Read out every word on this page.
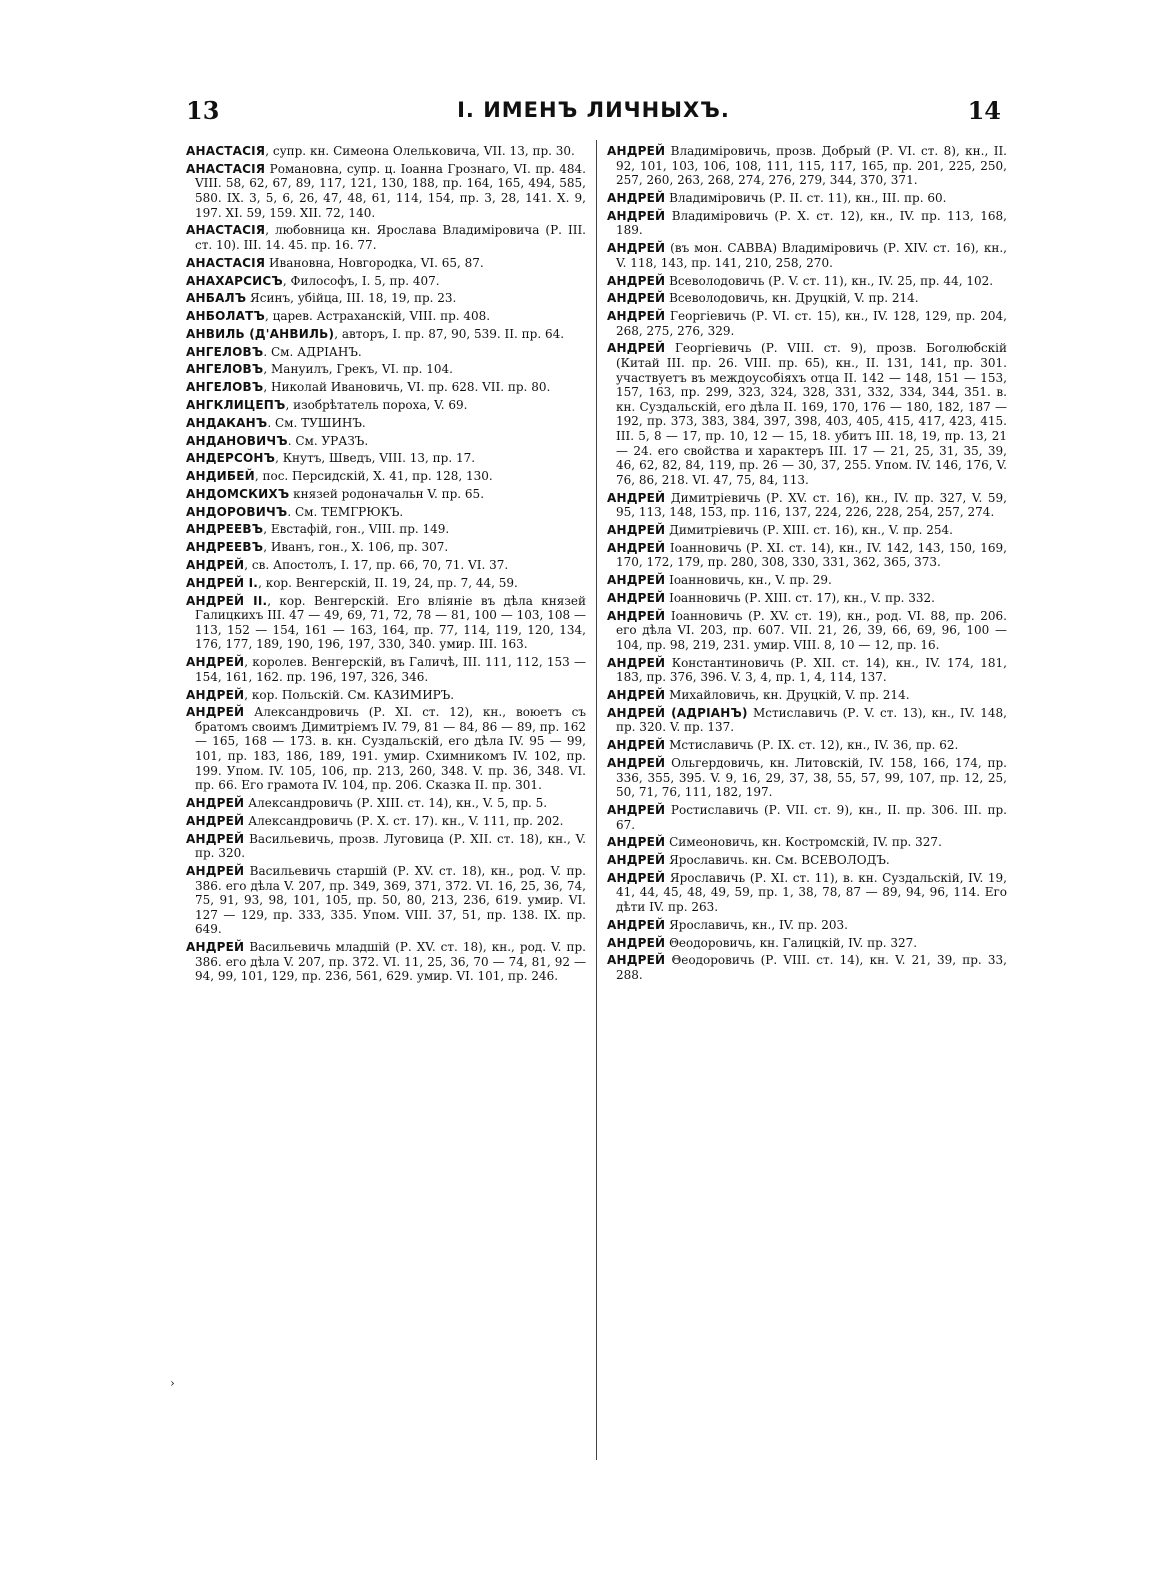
13	I. ИМЕНЪ ЛИЧНЫХЪ.	14

АНАСТАСІЯ, супр. кн. Симеона Олельковича, VII. 13, пр. 30.

АНАСТАСІЯ Романовна, супр. ц. Іоанна Грознаго, VI. пр. 484. VIII. 58, 62, 67, 89, 117, 121, 130, 188, пр. 164, 165, 494, 585, 580. IX. 3, 5, 6, 26, 47, 48, 61, 114, 154, пр. 3, 28, 141. X. 9, 197. XI. 59, 159. XII. 72, 140.

АНАСТАСІЯ, любовница кн. Ярослава Владиміровича (Р. III. ст. 10). III. 14. 45. пр. 16. 77.

АНАСТАСІЯ Ивановна, Новгородка, VI. 65, 87.

АНАХАРСИСЪ, Философъ, I. 5, пр. 407.

АНБАЛЪ Ясинъ, убійца, III. 18, 19, пр. 23.

АНБОЛАТЪ, царев. Астраханскій, VIII. пр. 408.

АНВИЛЬ (Д'АНВИЛЬ), авторъ, I. пр. 87, 90, 539. II. пр. 64.

АНГЕЛОВЪ. См. АДРІАНЪ.

АНГЕЛОВЪ, Мануилъ, Грекъ, VI. пр. 104.

АНГЕЛОВЪ, Николай Ивановичь, VI. пр. 628. VII. пр. 80.

АНГКЛИЦЕПЪ, изобрѣтатель пороха, V. 69.

АНДАКАНЪ. См. ТУШИНЪ.

АНДАНОВИЧЪ. См. УРАЗЪ.

АНДЕРСОНЪ, Кнутъ, Шведъ, VIII. 13, пр. 17.

АНДИБЕЙ, пос. Персидскій, X. 41, пр. 128, 130.

АНДОМСКИХЪ князей родоначальн V. пр. 65.

АНДОРОВИЧЪ. См. ТЕМГРЮКЪ.

АНДРЕЕВЪ, Евстафій, гон., VIII. пр. 149.

АНДРЕЕВЪ, Иванъ, гон., X. 106, пр. 307.

АНДРЕЙ, св. Апостолъ, I. 17, пр. 66, 70, 71. VI. 37.

АНДРЕЙ I., кор. Венгерскій, II. 19, 24, пр. 7, 44, 59.

АНДРЕЙ II., кор. Венгерскій. Его вліяніе въ дѣла князей Галицкихъ III. 47 — 49, 69, 71, 72, 78 — 81, 100 — 103, 108 — 113, 152 — 154, 161 — 163, 164, пр. 77, 114, 119, 120, 134, 176, 177, 189, 190, 196, 197, 330, 340. умир. III. 163.

АНДРЕЙ, королев. Венгерскій, въ Галичѣ, III. 111, 112, 153 — 154, 161, 162. пр. 196, 197, 326, 346.

АНДРЕЙ, кор. Польскій. См. КАЗИМИРЪ.

АНДРЕЙ Александровичь (Р. XI. ст. 12), кн., воюетъ съ братомъ своимъ Димитріемъ IV. 79, 81 — 84, 86 — 89, пр. 162 — 165, 168 — 173. в. кн. Суздальскій, его дѣла IV. 95 — 99, 101, пр. 183, 186, 189, 191. умир. Схимникомъ IV. 102, пр. 199. Упом. IV. 105, 106, пр. 213, 260, 348. V. пр. 36, 348. VI. пр. 66. Его грамота IV. 104, пр. 206. Сказка II. пр. 301.

АНДРЕЙ Александровичь (Р. XIII. ст. 14), кн., V. 5, пр. 5.

АНДРЕЙ Александровичь (Р. X. ст. 17). кн., V. 111, пр. 202.

АНДРЕЙ Васильевичь, прозв. Луговица (Р. XII. ст. 18), кн., V. пр. 320.

АНДРЕЙ Васильевичь старшій (Р. XV. ст. 18), кн., род. V. пр. 386. его дѣла V. 207, пр. 349, 369, 371, 372. VI. 16, 25, 36, 74, 75, 91, 93, 98, 101, 105, пр. 50, 80, 213, 236, 619. умир. VI. 127 — 129, пр. 333, 335. Упом. VIII. 37, 51, пр. 138. IX. пр. 649.

АНДРЕЙ Васильевичь младшій (Р. XV. ст. 18), кн., род. V. пр. 386. его дѣла V. 207, пр. 372. VI. 11, 25, 36, 70 — 74, 81, 92 — 94, 99, 101, 129, пр. 236, 561, 629. умир. VI. 101, пр. 246.

АНДРЕЙ Владиміровичь, прозв. Добрый (Р. VI. ст. 8), кн., II. 92, 101, 103, 106, 108, 111, 115, 117, 165, пр. 201, 225, 250, 257, 260, 263, 268, 274, 276, 279, 344, 370, 371.

АНДРЕЙ Владиміровичь (Р. II. ст. 11), кн., III. пр. 60.

АНДРЕЙ Владиміровичь (Р. X. ст. 12), кн., IV. пр. 113, 168, 189.

АНДРЕЙ (въ мон. САВВА) Владиміровичь (Р. XIV. ст. 16), кн., V. 118, 143, пр. 141, 210, 258, 270.

АНДРЕЙ Всеволодовичь (Р. V. ст. 11), кн., IV. 25, пр. 44, 102.

АНДРЕЙ Всеволодовичь, кн. Друцкій, V. пр. 214.

АНДРЕЙ Георгіевичь (Р. VI. ст. 15), кн., IV. 128, 129, пр. 204, 268, 275, 276, 329.

АНДРЕЙ Георгіевичь (Р. VIII. ст. 9), прозв. Боголюбскій (Китай III. пр. 26. VIII. пр. 65), кн., II. 131, 141, пр. 301. участвуетъ въ междоусобіяхъ отца II. 142 — 148, 151 — 153, 157, 163, пр. 299, 323, 324, 328, 331, 332, 334, 344, 351. в. кн. Суздальскій, его дѣла II. 169, 170, 176 — 180, 182, 187 — 192, пр. 373, 383, 384, 397, 398, 403, 405, 415, 417, 423, 415. III. 5, 8 — 17, пр. 10, 12 — 15, 18. убитъ III. 18, 19, пр. 13, 21 — 24. его свойства и характеръ III. 17 — 21, 25, 31, 35, 39, 46, 62, 82, 84, 119, пр. 26 — 30, 37, 255. Упом. IV. 146, 176, V. 76, 86, 218. VI. 47, 75, 84, 113.

АНДРЕЙ Димитріевичь (Р. XV. ст. 16), кн., IV. пр. 327, V. 59, 95, 113, 148, 153, пр. 116, 137, 224, 226, 228, 254, 257, 274.

АНДРЕЙ Димитріевичь (Р. XIII. ст. 16), кн., V. пр. 254.

АНДРЕЙ Іоанновичь (Р. XI. ст. 14), кн., IV. 142, 143, 150, 169, 170, 172, 179, пр. 280, 308, 330, 331, 362, 365, 373.

АНДРЕЙ Іоанновичь, кн., V. пр. 29.

АНДРЕЙ Іоанновичь (Р. XIII. ст. 17), кн., V. пр. 332.

АНДРЕЙ Іоанновичь (Р. XV. ст. 19), кн., род. VI. 88, пр. 206. его дѣла VI. 203, пр. 607. VII. 21, 26, 39, 66, 69, 96, 100 — 104, пр. 98, 219, 231. умир. VIII. 8, 10 — 12, пр. 16.

АНДРЕЙ Константиновичь (Р. XII. ст. 14), кн., IV. 174, 181, 183, пр. 376, 396. V. 3, 4, пр. 1, 4, 114, 137.

АНДРЕЙ Михайловичь, кн. Друцкій, V. пр. 214.

АНДРЕЙ (АДРІАНЪ) Мстиславичь (Р. V. ст. 13), кн., IV. 148, пр. 320. V. пр. 137.

АНДРЕЙ Мстиславичь (Р. IX. ст. 12), кн., IV. 36, пр. 62.

АНДРЕЙ Ольгердовичь, кн. Литовскій, IV. 158, 166, 174, пр. 336, 355, 395. V. 9, 16, 29, 37, 38, 55, 57, 99, 107, пр. 12, 25, 50, 71, 76, 111, 182, 197.

АНДРЕЙ Ростиславичь (Р. VII. ст. 9), кн., II. пр. 306. III. пр. 67.

АНДРЕЙ Симеоновичь, кн. Костромскій, IV. пр. 327.

АНДРЕЙ Ярославичь. кн. См. ВСЕВОЛОДЪ.

АНДРЕЙ Ярославичь (Р. XI. ст. 11), в. кн. Суздальскій, IV. 19, 41, 44, 45, 48, 49, 59, пр. 1, 38, 78, 87 — 89, 94, 96, 114. Его дѣти IV. пр. 263.

АНДРЕЙ Ярославичь, кн., IV. пр. 203.

АНДРЕЙ Θеодоровичь, кн. Галицкій, IV. пр. 327.

АНДРЕЙ Θеодоровичь (Р. VIII. ст. 14), кн. V. 21, 39, пр. 33, 288.

›
